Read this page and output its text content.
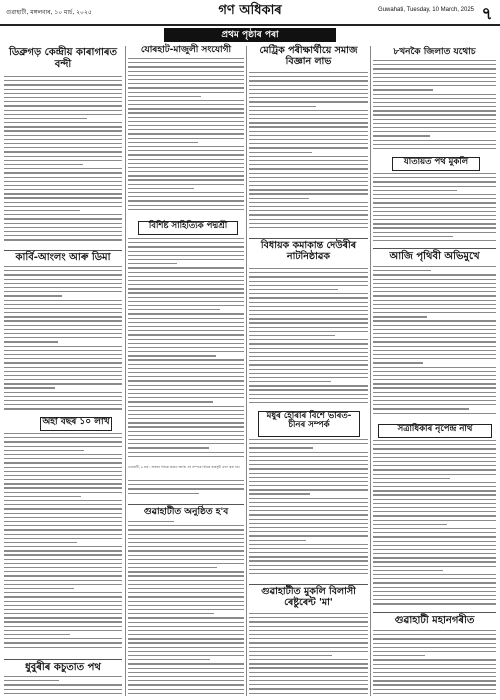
গুৱাহাটী, মঙ্গলবাৰ, ১০ মাৰ্চ, ২০২৫	গণ অধিকাৰ	Guwahati, Tuesday, 10 March, 2025 ৭
প্ৰথম পৃষ্ঠাৰ পৰা
ডিব্ৰুগড় কেন্দ্ৰীয় কাৰাগাৰত বন্দী
কাৰ্বি-আংলং আৰু ডিমা
অহা বছৰ ১০ লাখ
ধুবুৰীৰ কচুতাত পথ
যোৰহাট-মাজুলী সংযোগী
বিশিষ্ট সাহিত্যিক পদ্মশ্ৰী
গুৱাহাটী, ৯ মাৰ্চ : অসমৰ বিভিন্ন প্ৰান্তত আজি এই সম্পৰ্কে বিভিন্ন কাৰ্যসূচী গ্ৰহণ কৰা হয়।
গুৱাহাটীত অনুষ্ঠিত হ'ব
মেট্ৰিক পৰীক্ষাৰ্থীয়ে সমাজ বিজ্ঞান লাভ
বিধায়ক কমাকান্ত দেউৰীৰ নাটনিষ্ঠাৱক
মধুৰ হোৰাৰ বিশে ভাৰত-চীনৰ সম্পৰ্ক
গুৱাহাটীত মুকলি বিলাসী ৰেষ্টুৰেন্ট 'মা'
৮খনকৈ জিলাত যথোচ
যাতায়ত পথ মুকলি
আজি পৃথিবী অভিমুখে
সত্ৰাধিকাৰ নৃপেন্দ্ৰ নাথ
গুৱাহাটী মহানগৰীত
